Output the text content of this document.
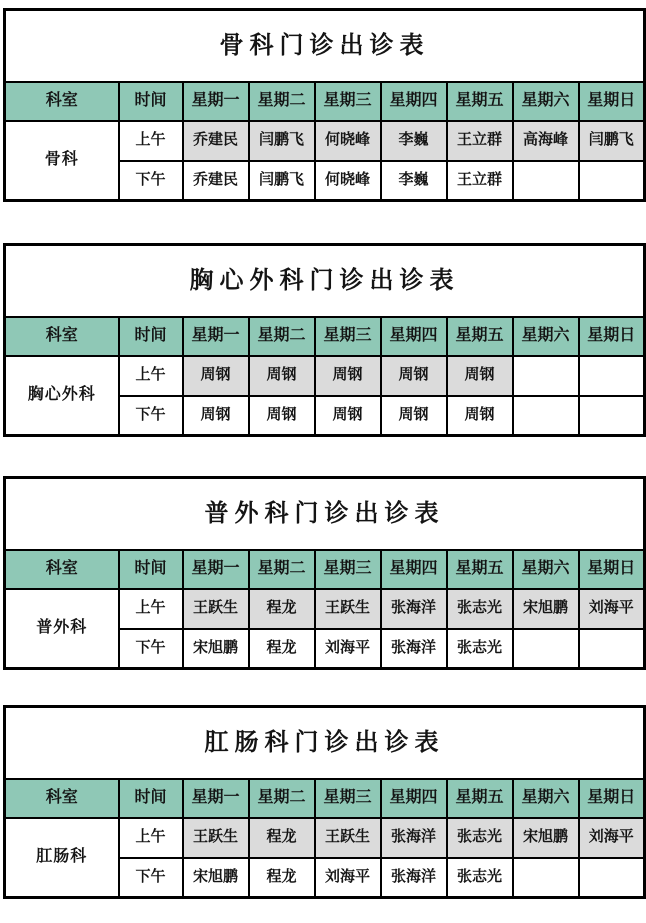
骨科门诊出诊表								
科室	时间	星期一	星期二	星期三	星期四	星期五	星期六	星期日
骨科	上午	乔建民	闫鹏飞	何晓峰	李巍	王立群	高海峰	闫鹏飞
	下午	乔建民	闫鹏飞	何晓峰	李巍	王立群		
胸心外科门诊出诊表								
科室	时间	星期一	星期二	星期三	星期四	星期五	星期六	星期日
胸心外科	上午	周钢	周钢	周钢	周钢	周钢		
	下午	周钢	周钢	周钢	周钢	周钢		
普外科门诊出诊表								
科室	时间	星期一	星期二	星期三	星期四	星期五	星期六	星期日
普外科	上午	王跃生	程龙	王跃生	张海洋	张志光	宋旭鹏	刘海平
	下午	宋旭鹏	程龙	刘海平	张海洋	张志光		
肛肠科门诊出诊表								
科室	时间	星期一	星期二	星期三	星期四	星期五	星期六	星期日
肛肠科	上午	王跃生	程龙	王跃生	张海洋	张志光	宋旭鹏	刘海平
	下午	宋旭鹏	程龙	刘海平	张海洋	张志光		
